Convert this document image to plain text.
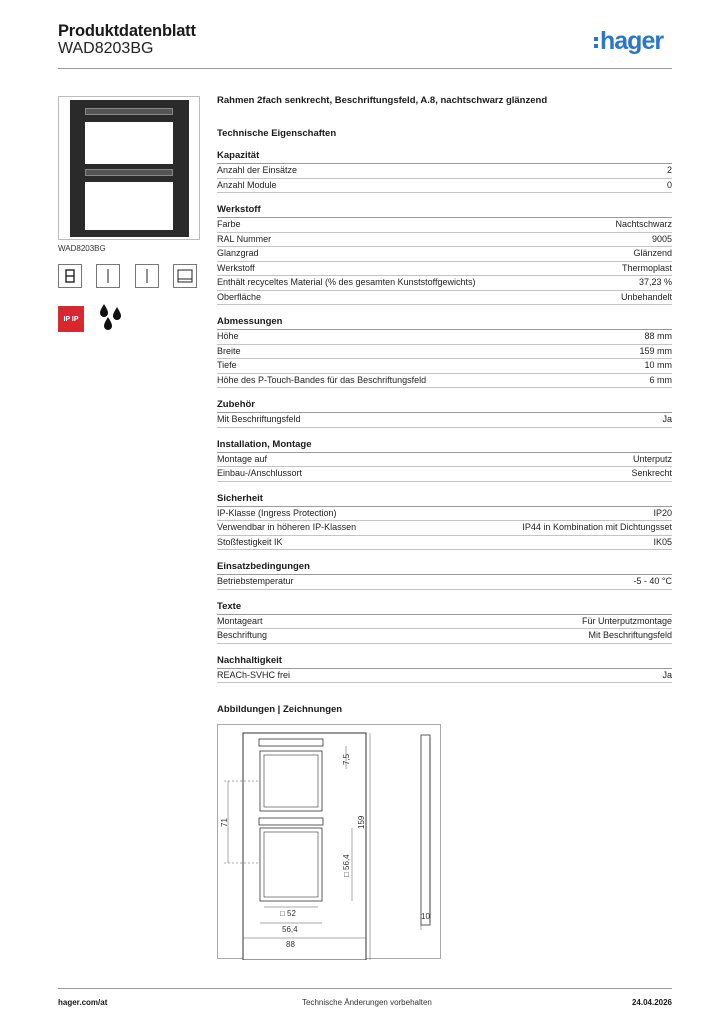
Produktdatenblatt
WAD8203BG	hager
WAD8203BG
IP IP
Rahmen 2fach senkrecht, Beschriftungsfeld, A.8, nachtschwarz glänzend
Technische Eigenschaften
Kapazität
Anzahl der Einsätze	2
Anzahl Module	0
Werkstoff
Farbe	Nachtschwarz
RAL Nummer	9005
Glanzgrad	Glänzend
Werkstoff	Thermoplast
Enthält recyceltes Material (% des gesamten Kunststoffgewichts)	37,23 %
Oberfläche	Unbehandelt
Abmessungen
Höhe	88 mm
Breite	159 mm
Tiefe	10 mm
Höhe des P-Touch-Bandes für das Beschriftungsfeld	6 mm
Zubehör
Mit Beschriftungsfeld	Ja
Installation, Montage
Montage auf	Unterputz
Einbau-/Anschlussort	Senkrecht
Sicherheit
IP-Klasse (Ingress Protection)	IP20
Verwendbar in höheren IP-Klassen	IP44 in Kombination mit Dichtungsset
Stoßfestigkeit IK	IK05
Einsatzbedingungen
Betriebstemperatur	-5 - 40 °C
Texte
Montageart	Für Unterputzmontage
Beschriftung	Mit Beschriftungsfeld
Nachhaltigkeit
REACh-SVHC frei	Ja
Abbildungen | Zeichnungen
7,5
71	159
□ 56,4
□ 52
56,4
88
10
hager.com/at	Technische Änderungen vorbehalten	24.04.2026
